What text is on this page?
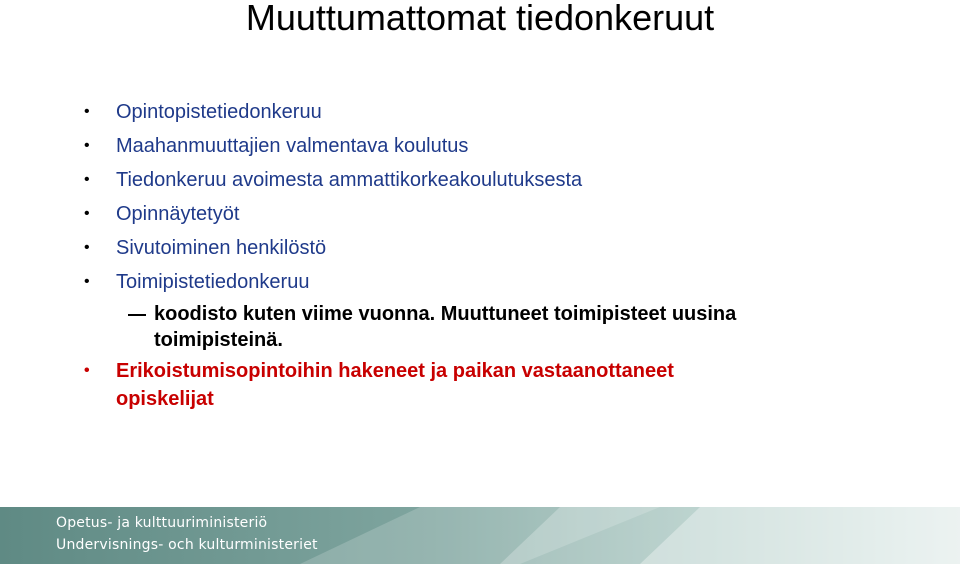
Muuttumattomat tiedonkeruut
• Opintopistetiedonkeruu
• Maahanmuuttajien valmentava koulutus
• Tiedonkeruu avoimesta ammattikorkeakoulutuksesta
• Opinnäytetyöt
• Sivutoiminen henkilöstö
• Toimipistetiedonkeruu
koodisto kuten viime vuonna. Muuttuneet toimipisteet uusina
toimipisteinä.
• Erikoistumisopintoihin hakeneet ja paikan vastaanottaneet
opiskelijat
Opetus- ja kulttuuriministeriö
Undervisnings- och kulturministeriet
